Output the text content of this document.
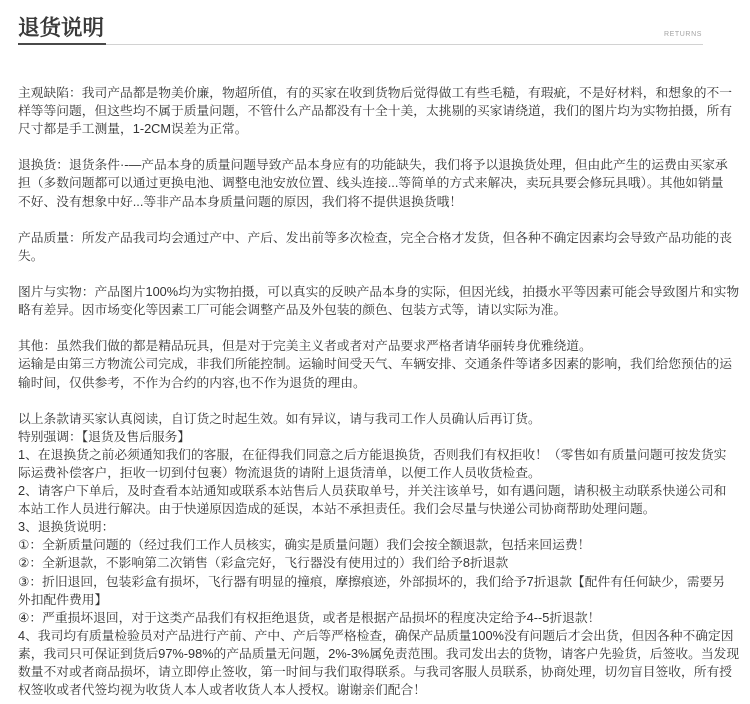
退货说明	RETURNS
主观缺陷：我司产品都是物美价廉，物超所值，有的买家在收到货物后觉得做工有些毛糙，有瑕疵，不是好材料，和想象的不一
样等等问题，但这些均不属于质量问题，不管什么产品都没有十全十美，太挑剔的买家请绕道，我们的图片均为实物拍摄，所有
尺寸都是手工测量，1-2CM误差为正常。
退换货：退货条件·-—产品本身的质量问题导致产品本身应有的功能缺失，我们将予以退换货处理，但由此产生的运费由买家承
担（多数问题都可以通过更换电池、调整电池安放位置、线头连接...等简单的方式来解决，卖玩具要会修玩具哦）。其他如销量
不好、没有想象中好...等非产品本身质量问题的原因，我们将不提供退换货哦！
产品质量：所发产品我司均会通过产中、产后、发出前等多次检查，完全合格才发货，但各种不确定因素均会导致产品功能的丧
失。
图片与实物：产品图片100%均为实物拍摄，可以真实的反映产品本身的实际，但因光线，拍摄水平等因素可能会导致图片和实物
略有差异。因市场变化等因素工厂可能会调整产品及外包装的颜色、包装方式等，请以实际为准。
其他：虽然我们做的都是精品玩具，但是对于完美主义者或者对产品要求严格者请华丽转身优雅绕道。
运输是由第三方物流公司完成，非我们所能控制。运输时间受天气、车辆安排、交通条件等诸多因素的影响，我们给您预估的运
输时间，仅供参考，不作为合约的内容,也不作为退货的理由。
以上条款请买家认真阅读，自订货之时起生效。如有异议，请与我司工作人员确认后再订货。
特别强调：【退货及售后服务】
1、在退换货之前必须通知我们的客服，在征得我们同意之后方能退换货，否则我们有权拒收！（零售如有质量问题可按发货实
际运费补偿客户，拒收一切到付包裹）物流退货的请附上退货清单，以便工作人员收货检查。
2、请客户下单后，及时查看本站通知或联系本站售后人员获取单号，并关注该单号，如有遇问题，请积极主动联系快递公司和
本站工作人员进行解决。由于快递原因造成的延误，本站不承担责任。我们会尽量与快递公司协商帮助处理问题。
3、退换货说明：
①：全新质量问题的（经过我们工作人员核实，确实是质量问题）我们会按全额退款，包括来回运费！
②：全新退款，不影响第二次销售（彩盒完好，飞行器没有使用过的）我们给予8折退款
③：折旧退回，包装彩盒有损坏，飞行器有明显的撞痕，摩擦痕迹，外部损坏的，我们给予7折退款【配件有任何缺少，需要另
外扣配件费用】
④：严重损坏退回，对于这类产品我们有权拒绝退货，或者是根据产品损坏的程度决定给予4--5折退款！
4、我司均有质量检验员对产品进行产前、产中、产后等严格检查，确保产品质量100%没有问题后才会出货，但因各种不确定因
素，我司只可保证到货后97%-98%的产品质量无问题，2%-3%属免责范围。我司发出去的货物，请客户先验货，后签收。当发现
数量不对或者商品损坏，请立即停止签收，第一时间与我们取得联系。与我司客服人员联系，协商处理，切勿盲目签收，所有授
权签收或者代签均视为收货人本人或者收货人本人授权。谢谢亲们配合！
